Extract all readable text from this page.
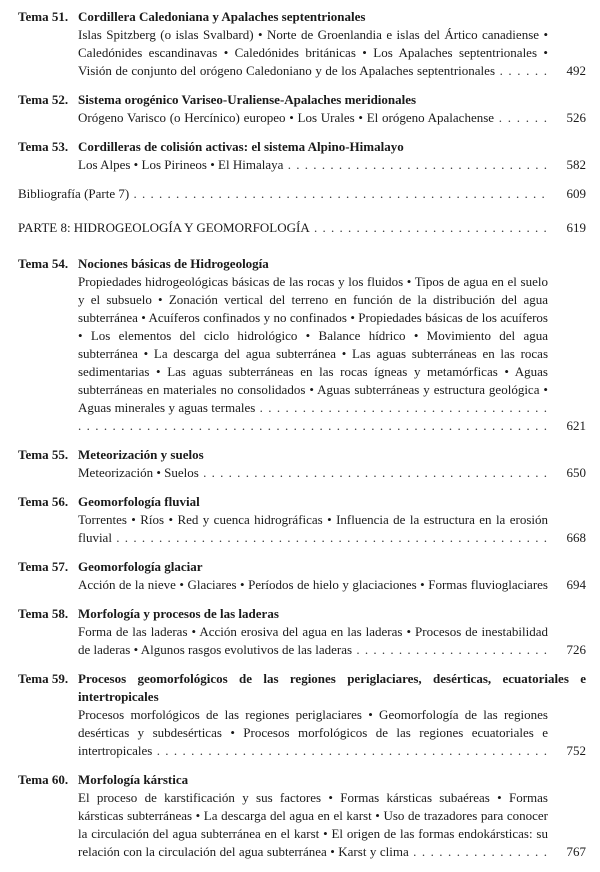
Tema 51. Cordillera Caledoniana y Apalaches septentrionales
Islas Spitzberg (o islas Svalbard) • Norte de Groenlandia e islas del Ártico canadiense • Caledónides escandinavas • Caledónides británicas • Los Apalaches septentrionales • Visión de conjunto del orógeno Caledoniano y de los Apalaches septentrionales . . . . . . 492
Tema 52. Sistema orogénico Variseo-Uraliense-Apalaches meridionales
Orógeno Varisco (o Hercínico) europeo • Los Urales • El orógeno Apalachense . . . . . . 526
Tema 53. Cordilleras de colisión activas: el sistema Alpino-Himalayo
Los Alpes • Los Pirineos • El Himalaya . . . . . . . . . . . . . . . . . . . . . . . . . . . . . . . 582
Bibliografía (Parte 7) . . . . . . . . . . . . . . . . . . . . . . . . . . . . . . . . . . . . . . . . . . . . . . . . . 609
PARTE 8: HIDROGEOLOGÍA Y GEOMORFOLOGÍA . . . . . . . . . . . . . . . . . . . . . . . . . . . . 619
Tema 54. Nociones básicas de Hidrogeología
Propiedades hidrogeológicas básicas de las rocas y los fluidos • Tipos de agua en el suelo y el subsuelo • Zonación vertical del terreno en función de la distribución del agua subterránea • Acuíferos confinados y no confinados • Propiedades básicas de los acuíferos • Los elementos del ciclo hidrológico • Balance hídrico • Movimiento del agua subterránea • La descarga del agua subterránea • Las aguas subterráneas en las rocas sedimentarias • Las aguas subterráneas en las rocas ígneas y metamórficas • Aguas subterráneas en materiales no consolidados • Aguas subterráneas y estructura geológica • Aguas minerales y aguas termales . . . . . . . . . . . . . . . . . . . . . . . . . . . . . . . . . . . . . . . . . . . . . . . . . . . . . . . . . . . . . . . . . . . . . . . . . . . . . . . . . . . . . . . . . 621
Tema 55. Meteorización y suelos
Meteorización • Suelos . . . . . . . . . . . . . . . . . . . . . . . . . . . . . . . . . . . . . . . . . 650
Tema 56. Geomorfología fluvial
Torrentes • Ríos • Red y cuenca hidrográficas • Influencia de la estructura en la erosión fluvial . . . . . . . . . . . . . . . . . . . . . . . . . . . . . . . . . . . . . . . . . . . . . . . . . . . 668
Tema 57. Geomorfología glaciar
Acción de la nieve • Glaciares • Períodos de hielo y glaciaciones • Formas fluvioglaciares 694
Tema 58. Morfología y procesos de las laderas
Forma de las laderas • Acción erosiva del agua en las laderas • Procesos de inestabilidad de laderas • Algunos rasgos evolutivos de las laderas . . . . . . . . . . . . . . . . . . . . . . . 726
Tema 59. Procesos geomorfológicos de las regiones periglaciares, desérticas, ecuatoriales e intertropicales
Procesos morfológicos de las regiones periglaciares • Geomorfología de las regiones desérticas y subdesérticas • Procesos morfológicos de las regiones ecuatoriales e intertropicales . . . . . . . . . . . . . . . . . . . . . . . . . . . . . . . . . . . . . . . . . . . . . . 752
Tema 60. Morfología kárstica
El proceso de karstificación y sus factores • Formas kársticas subaéreas • Formas kársticas subterráneas • La descarga del agua en el karst • Uso de trazadores para conocer la circulación del agua subterránea en el karst • El origen de las formas endokársticas: su relación con la circulación del agua subterránea • Karst y clima . . . . . . . . . . . . . . . . 767
